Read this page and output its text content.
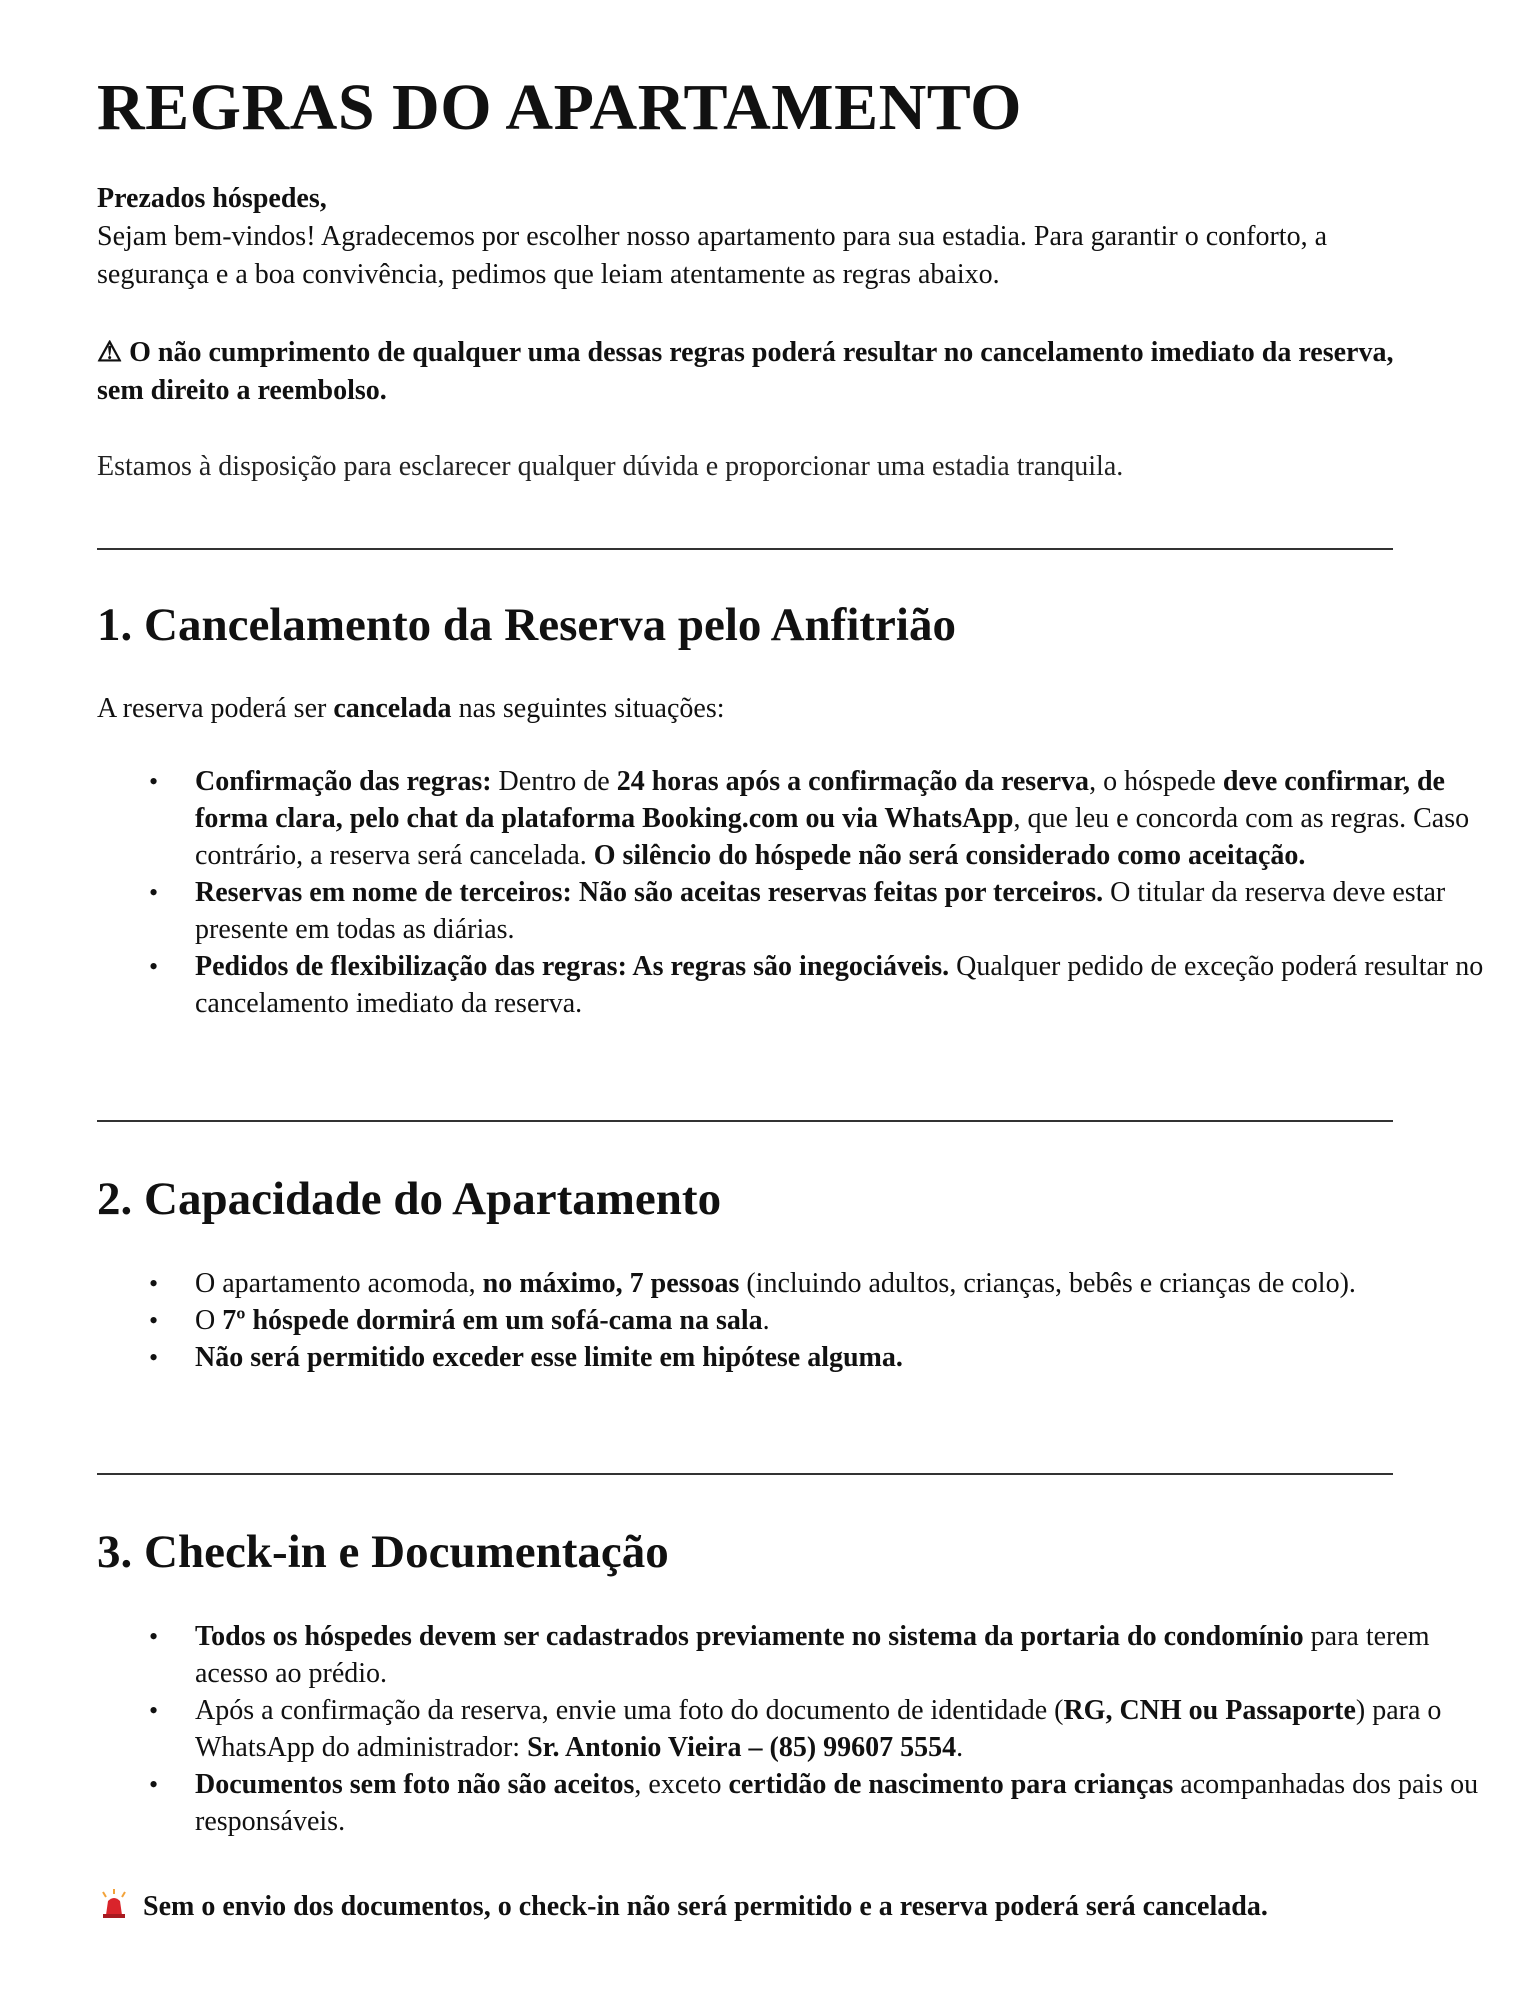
REGRAS DO APARTAMENTO

Prezados hóspedes,

Sejam bem-vindos! Agradecemos por escolher nosso apartamento para sua estadia. Para garantir o conforto, a segurança e a boa convivência, pedimos que leiam atentamente as regras abaixo.

⚠ O não cumprimento de qualquer uma dessas regras poderá resultar no cancelamento imediato da reserva, sem direito a reembolso.

Estamos à disposição para esclarecer qualquer dúvida e proporcionar uma estadia tranquila.

1. Cancelamento da Reserva pelo Anfitrião

A reserva poderá ser cancelada nas seguintes situações:

• Confirmação das regras: Dentro de 24 horas após a confirmação da reserva, o hóspede deve confirmar, de forma clara, pelo chat da plataforma Booking.com ou via WhatsApp, que leu e concorda com as regras. Caso contrário, a reserva será cancelada. O silêncio do hóspede não será considerado como aceitação.
• Reservas em nome de terceiros: Não são aceitas reservas feitas por terceiros. O titular da reserva deve estar presente em todas as diárias.
• Pedidos de flexibilização das regras: As regras são inegociáveis. Qualquer pedido de exceção poderá resultar no cancelamento imediato da reserva.
2. Capacidade do Apartamento
• O apartamento acomoda, no máximo, 7 pessoas (incluindo adultos, crianças, bebês e crianças de colo).
• O 7º hóspede dormirá em um sofá-cama na sala.
• Não será permitido exceder esse limite em hipótese alguma.
3. Check-in e Documentação
• Todos os hóspedes devem ser cadastrados previamente no sistema da portaria do condomínio para terem acesso ao prédio.
• Após a confirmação da reserva, envie uma foto do documento de identidade (RG, CNH ou Passaporte) para o WhatsApp do administrador: Sr. Antonio Vieira – (85) 99607 5554.
• Documentos sem foto não são aceitos, exceto certidão de nascimento para crianças acompanhadas dos pais ou responsáveis.

Sem o envio dos documentos, o check-in não será permitido e a reserva poderá será cancelada.
